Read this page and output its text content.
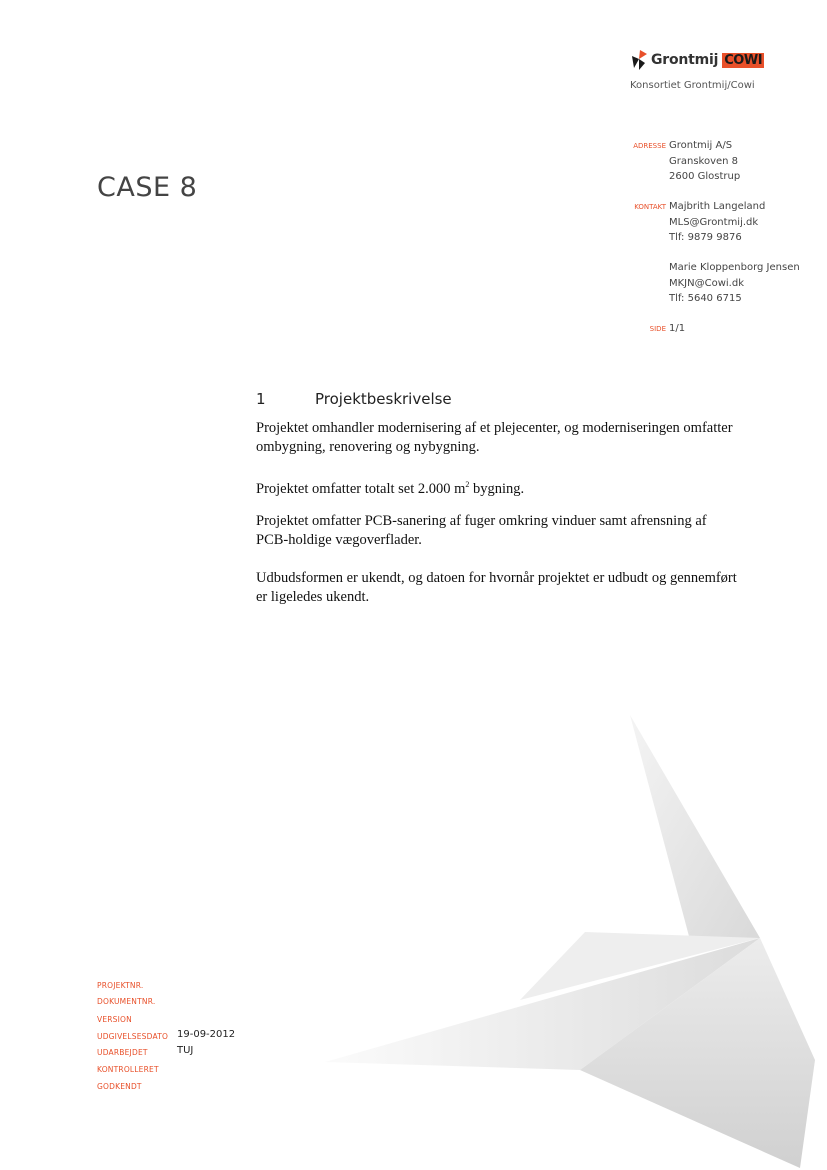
Grontmij COWI
Konsortiet Grontmij/Cowi
ADRESSE Grontmij A/S
Granskoven 8
2600 Glostrup
KONTAKT Majbrith Langeland
MLS@Grontmij.dk
Tlf: 9879 9876
Marie Kloppenborg Jensen
MKJN@Cowi.dk
Tlf: 5640 6715
SIDE 1/1
CASE 8
1	Projektbeskrivelse
Projektet omhandler modernisering af et plejecenter, og moderniseringen omfatter
ombygning, renovering og nybygning.
Projektet omfatter totalt set 2.000 $m^2$ bygning.
Projektet omfatter PCB-sanering af fuger omkring vinduer samt afrensning af
PCB-holdige vægoverflader.
Udbudsformen er ukendt, og datoen for hvornår projektet er udbudt og gennemført
er ligeledes ukendt.
PROJEKTNR.
DOKUMENTNR.
VERSION
UDGIVELSESDATO 19-09-2012
UDARBEJDET	TUJ
KONTROLLERET
GODKENDT
